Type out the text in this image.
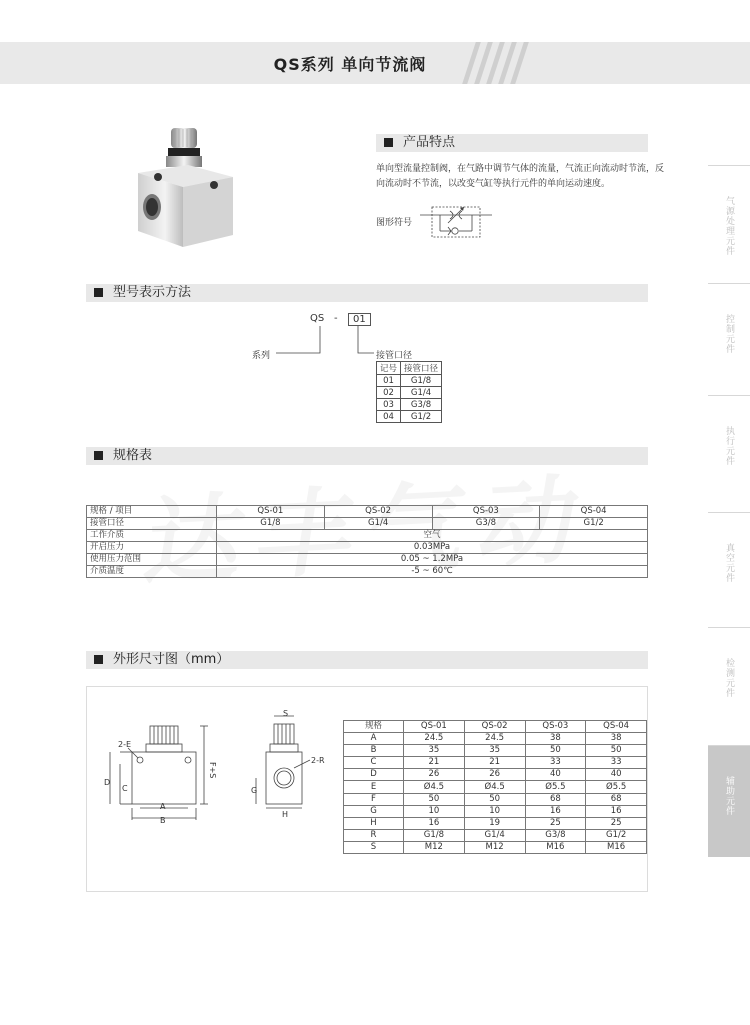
QS系列 单向节流阀
气源处理元件
控制元件
执行元件
真空元件
检测元件
辅助元件
产品特点
单向型流量控制阀，在气路中调节气体的流量，气流正向流动时节流，反向流动时不节流，以改变气缸等执行元件的单向运动速度。
图形符号
型号表示方法
QS -	01
系列	接管口径
记号	接管口径
01	G1/8
02	G1/4
03	G3/8
04	G1/2
规格表
规格 / 项目	QS-01	QS-02	QS-03	QS-04
接管口径	G1/8	G1/4	G3/8	G1/2
工作介质	空气			
开启压力	0.03MPa			
使用压力范围	0.05 ~ 1.2MPa			
介质温度	-5 ~ 60℃			
外形尺寸图（mm）
2-E
D
C
A
B
F+S
S
2-R
G
H
规格	QS-01	QS-02	QS-03	QS-04
A	24.5	24.5	38	38
B	35	35	50	50
C	21	21	33	33
D	26	26	40	40
E	Ø4.5	Ø4.5	Ø5.5	Ø5.5
F	50	50	68	68
G	10	10	16	16
H	16	19	25	25
R	G1/8	G1/4	G3/8	G1/2
S	M12	M12	M16	M16
